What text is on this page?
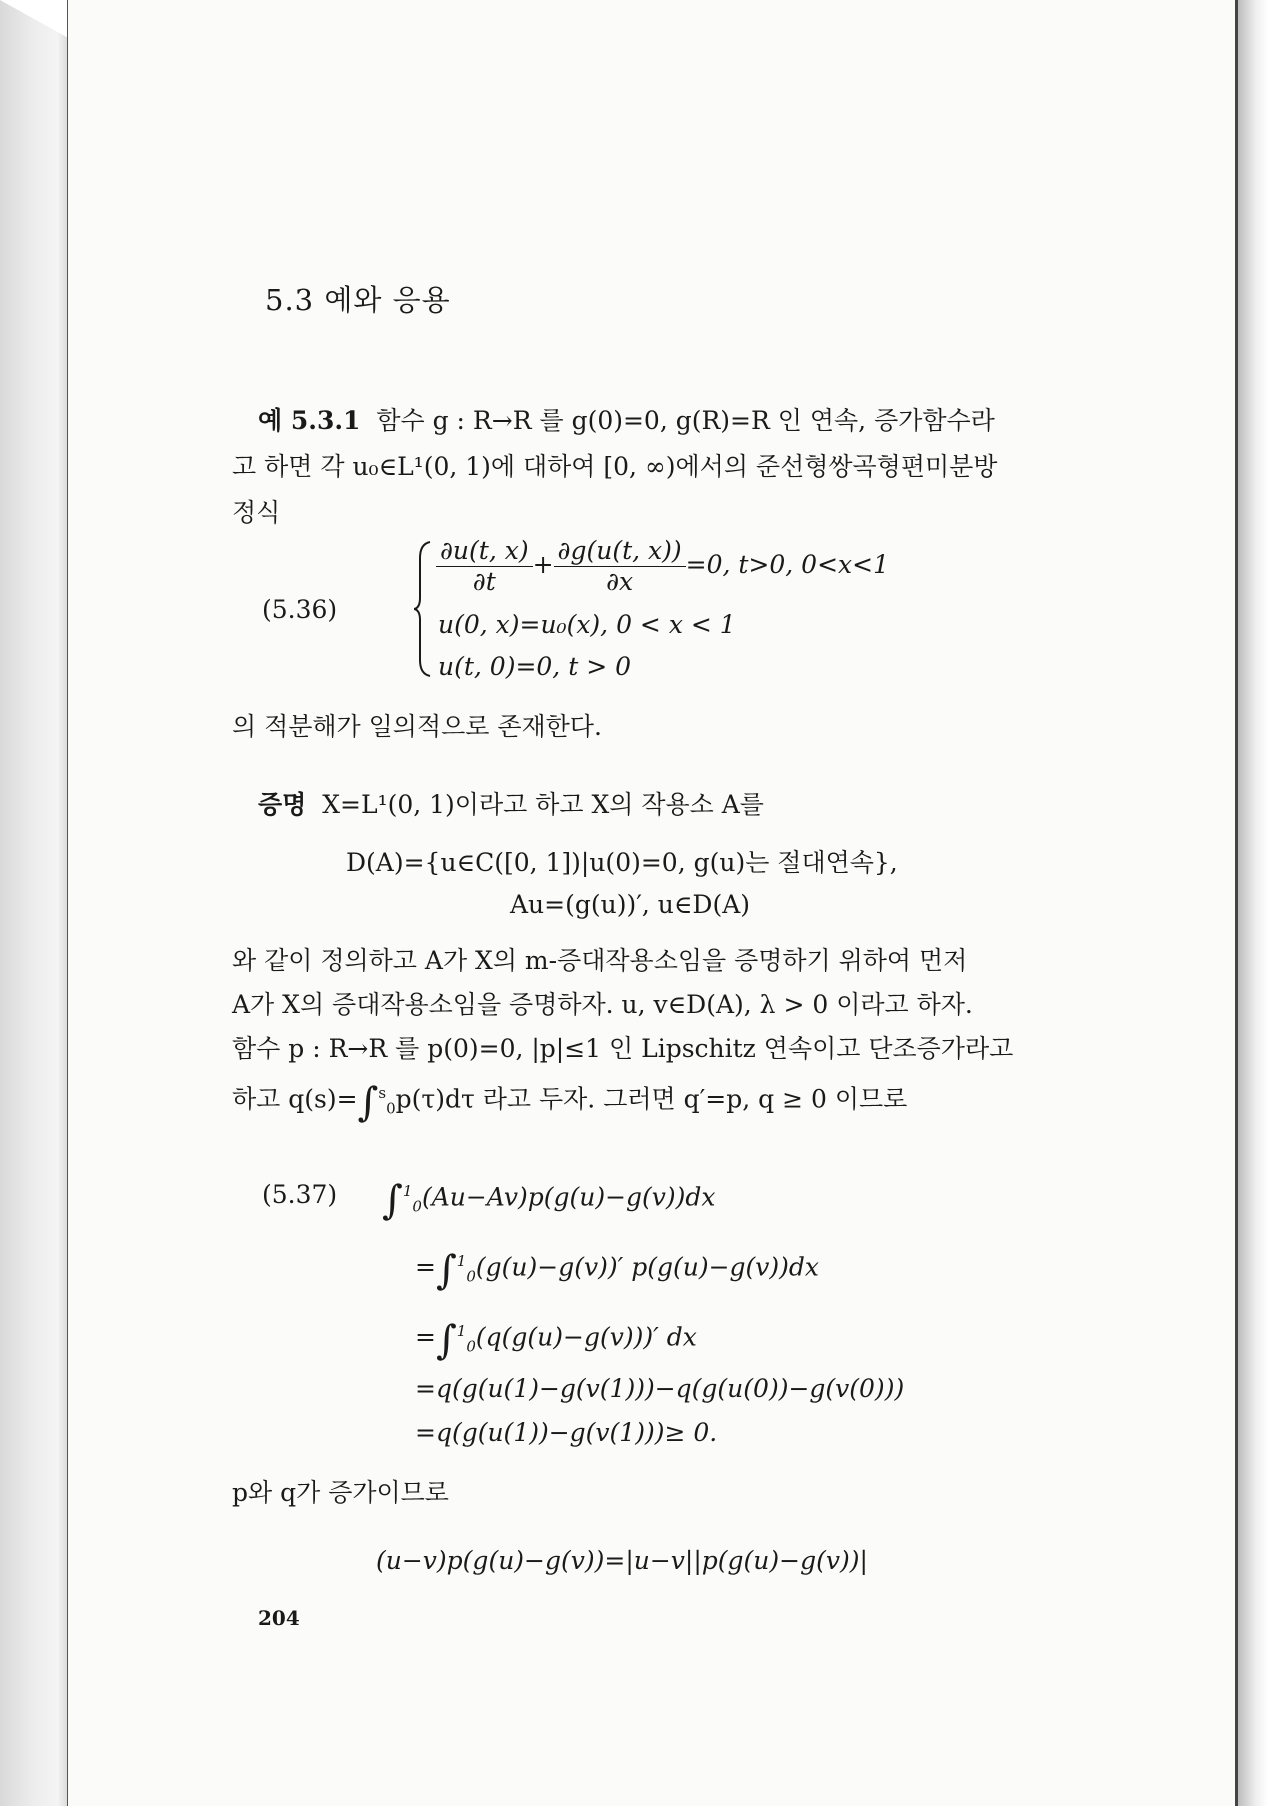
5.3 예와 응용
예 5.3.1 함수 g : R→R 를 g(0)=0, g(R)=R 인 연속, 증가함수라
고 하면 각 u₀∈L¹(0, 1)에 대하여 [0, ∞)에서의 준선형쌍곡형편미분방
정식
(5.36)
$\frac{\partial u(t, x)}{\partial t} + \frac{\partial g(u(t, x))}{\partial x} =0$, t>0, 0<x<1
u(0, x)=u₀(x), 0 < x < 1
u(t, 0)=0, t > 0
의 적분해가 일의적으로 존재한다.
증명 X=L¹(0, 1)이라고 하고 X의 작용소 A를
D(A)={u∈C([0, 1])|u(0)=0, g(u)는 절대연속},
Au=(g(u))′, u∈D(A)
와 같이 정의하고 A가 X의 m-증대작용소임을 증명하기 위하여 먼저
A가 X의 증대작용소임을 증명하자. u, v∈D(A), λ > 0 이라고 하자.
함수 p : R→R 를 p(0)=0, |p|≤1 인 Lipschitz 연속이고 단조증가라고
하고 q(s)=∫$^s_0$p(τ)dτ 라고 두자. 그러면 q′=p, q ≥ 0 이므로
(5.37) ∫$^1_0$(Au−Av)p(g(u)−g(v))dx
=∫$^1_0$(g(u)−g(v))′ p(g(u)−g(v))dx
=∫$^1_0$(q(g(u)−g(v)))′ dx
=q(g(u(1)−g(v(1)))−q(g(u(0))−g(v(0)))
=q(g(u(1))−g(v(1)))≥ 0.
p와 q가 증가이므로
(u−v)p(g(u)−g(v))=|u−v||p(g(u)−g(v))|
204
